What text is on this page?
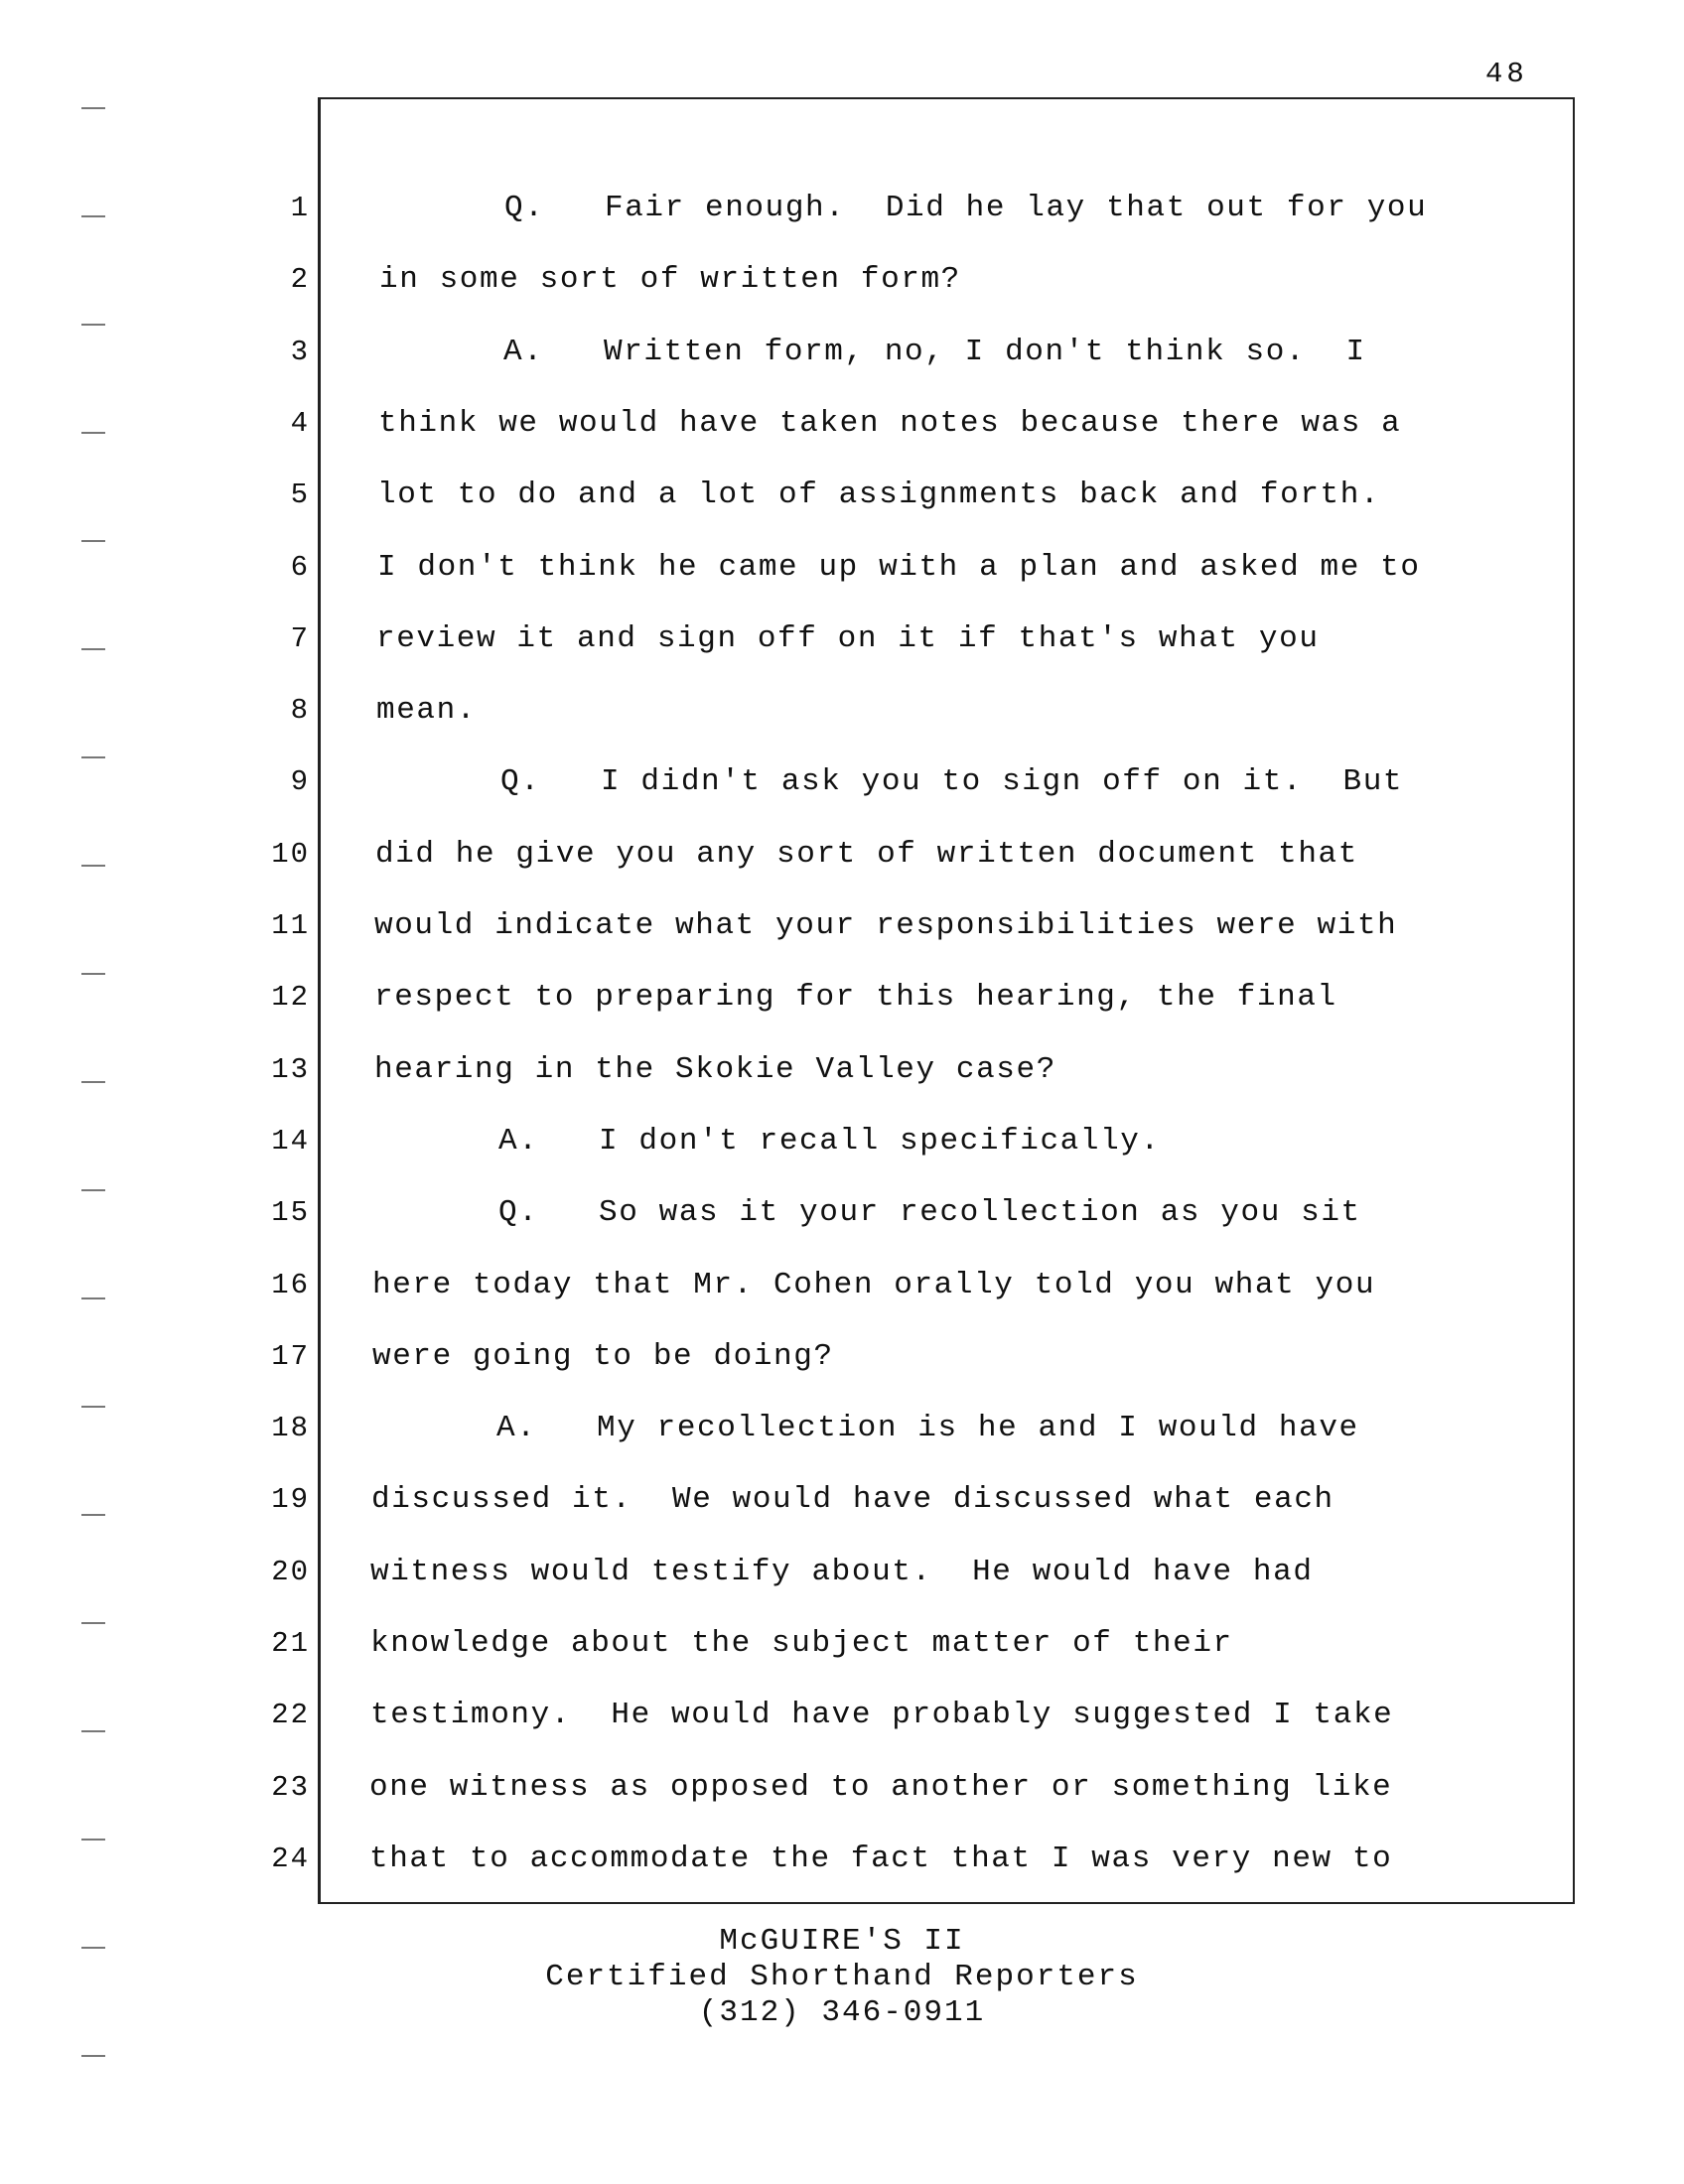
48
1	Q.   Fair enough.  Did he lay that out for you
2 in some sort of written form?
3	A.   Written form, no, I don't think so.  I
4 think we would have taken notes because there was a
5 lot to do and a lot of assignments back and forth.
6 I don't think he came up with a plan and asked me to
7 review it and sign off on it if that's what you
8 mean.
9	Q.   I didn't ask you to sign off on it.  But
10 did he give you any sort of written document that
11 would indicate what your responsibilities were with
12 respect to preparing for this hearing, the final
13 hearing in the Skokie Valley case?
14	A.   I don't recall specifically.
15	Q.   So was it your recollection as you sit
16 here today that Mr. Cohen orally told you what you
17 were going to be doing?
18	A.   My recollection is he and I would have
19 discussed it.  We would have discussed what each
20 witness would testify about.  He would have had
21 knowledge about the subject matter of their
22 testimony.  He would have probably suggested I take
23 one witness as opposed to another or something like
24 that to accommodate the fact that I was very new to
McGUIRE'S II
Certified Shorthand Reporters
(312) 346-0911
